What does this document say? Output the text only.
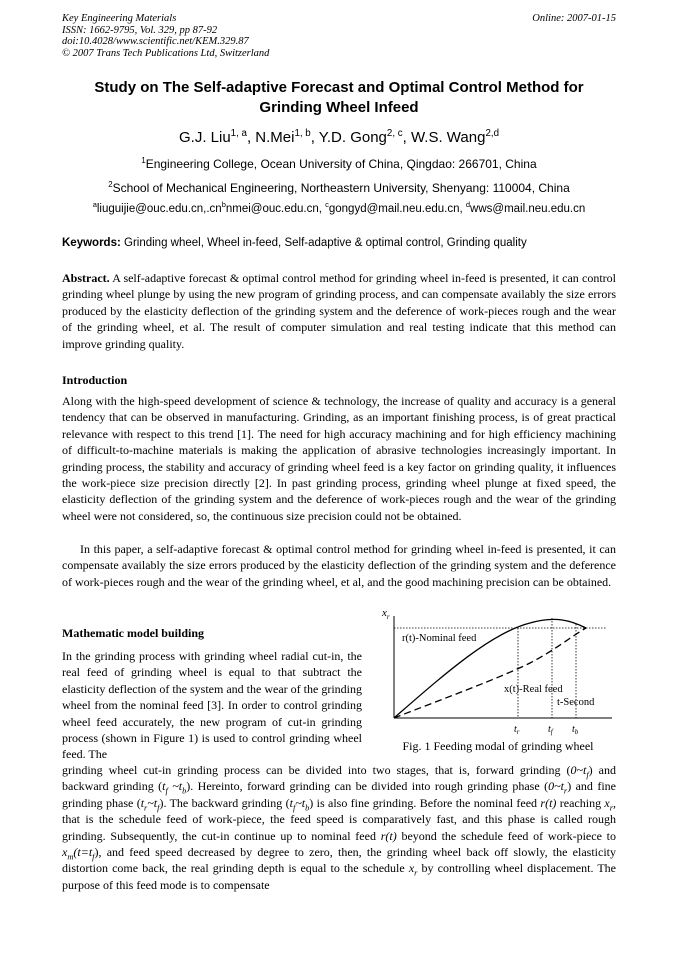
Key Engineering Materials
ISSN: 1662-9795, Vol. 329, pp 87-92
doi:10.4028/www.scientific.net/KEM.329.87
© 2007 Trans Tech Publications Ltd, Switzerland
Online: 2007-01-15
Study on The Self-adaptive Forecast and Optimal Control Method for
Grinding Wheel Infeed
G.J. Liu$^{1, a}$, N.Mei$^{1, b}$, Y.D. Gong$^{2, c}$, W.S. Wang$^{2,d}$
$^1$Engineering College, Ocean University of China, Qingdao: 266701, China
$^2$School of Mechanical Engineering, Northeastern University, Shenyang: 110004, China
$^aliuguijie@ouc.edu.cn,.cn^bnmei@ouc.edu.cn$, $^c$gongyd@mail.neu.edu.cn, $^d$wws@mail.neu.edu.cn
Keywords: Grinding wheel, Wheel in-feed, Self-adaptive & optimal control, Grinding quality

Abstract. A self-adaptive forecast & optimal control method for grinding wheel in-feed is presented, it can control grinding wheel plunge by using the new program of grinding process, and can compensate availably the size errors produced by the elasticity deflection of the grinding system and the deference of work-pieces rough and the wear of the grinding wheel, et al. The result of computer simulation and real testing indicate that this method can improve grinding quality.

Introduction

Along with the high-speed development of science & technology, the increase of quality and accuracy is a general tendency that can be observed in manufacturing. Grinding, as an important finishing process, is of great practical relevance with respect to this trend [1]. The need for high accuracy machining and for high efficiency machining of difficult-to-machine materials is making the application of abrasive technologies increasingly important. In grinding process, the stability and accuracy of grinding wheel feed is a key factor on grinding quality, it influences the work-piece size precision directly [2]. In past grinding process, grinding wheel plunge at fixed speed, the elasticity deflection of the grinding system and the deference of work-pieces rough and the wear of the grinding wheel were not considered, so, the continuous size precision could not be obtained.

In this paper, a self-adaptive forecast & optimal control method for grinding wheel in-feed is presented, it can compensate availably the size errors produced by the elasticity deflection of the grinding system and the deference of work-pieces rough and the wear of the grinding wheel, et al, and the good machining precision can be obtained.

Mathematic model building

In the grinding process with grinding wheel radial cut-in, the real feed of grinding wheel is equal to that subtract the elasticity deflection of the system and the wear of the grinding wheel from the nominal feed [3]. In order to control grinding wheel feed accurately, the new program of cut-in grinding process (shown in Figure 1) is used to control grinding wheel feed. The

grinding wheel cut-in grinding process can be divided into two stages, that is, forward grinding $(0\sim t_f)$ and backward grinding ($t_f$ $\sim t_b$). Hereinto, forward grinding can be divided into rough grinding phase $(0\sim t_r)$ and fine grinding phase $(t_r\sim t_f)$. The backward grinding $(t_f\sim t_b)$ is also fine grinding. Before the nominal feed r(t) reaching $x_r$, that is the schedule feed of work-piece, the feed speed is comparatively fast, and this phase is called rough grinding. Subsequently, the cut-in continue up to nominal feed r(t) beyond the schedule feed of work-piece to $x_m(t=t_f)$, and feed speed decreased by degree to zero, then, the grinding wheel back off slowly, the elasticity distortion come back, the real grinding depth is equal to the schedule $x_r$ by controlling wheel displacement. The purpose of this feed mode is to compensate

$x_r$
r(t)-Nominal feed
x(t)-Real feed
t-Second
$t_r$	$t_f$ $t_b$
Fig. 1 Feeding modal of grinding wheel
